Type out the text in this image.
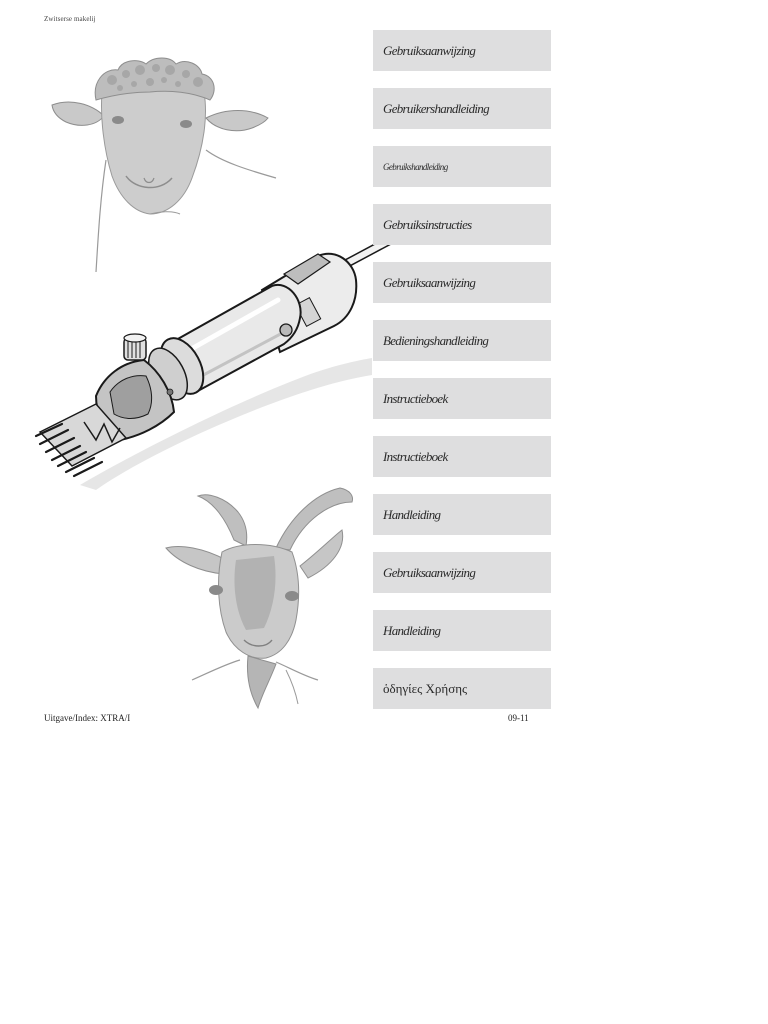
Zwitserse makelij
Gebruiksaanwijzing
Gebruikershandleiding
Gebruikshandleiding
Gebruiksinstructies
Gebruiksaanwijzing
Bedieningshandleiding
Instructieboek
Instructieboek
Handleiding
Gebruiksaanwijzing
Handleiding
ὁδηγίες Χρήσης
Uitgave/Index: XTRA/I	09-11
